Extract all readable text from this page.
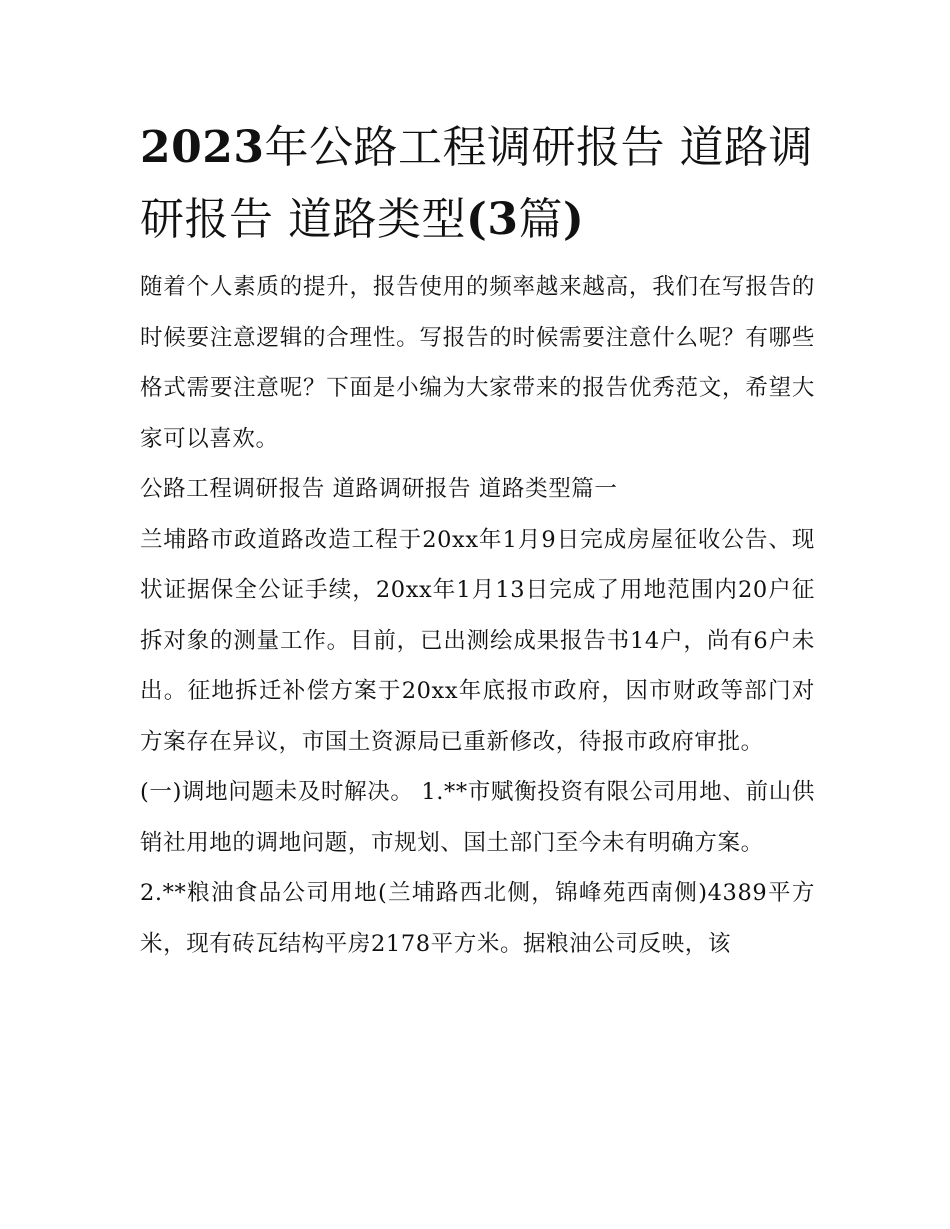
2023年公路工程调研报告 道路调研报告 道路类型(3篇)

随着个人素质的提升，报告使用的频率越来越高，我们在写报告的时候要注意逻辑的合理性。写报告的时候需要注意什么呢？有哪些格式需要注意呢？下面是小编为大家带来的报告优秀范文，希望大家可以喜欢。

公路工程调研报告 道路调研报告 道路类型篇一

兰埔路市政道路改造工程于20xx年1月9日完成房屋征收公告、现状证据保全公证手续，20xx年1月13日完成了用地范围内20户征拆对象的测量工作。目前，已出测绘成果报告书14户，尚有6户未出。征地拆迁补偿方案于20xx年底报市政府，因市财政等部门对方案存在异议，市国土资源局已重新修改，待报市政府审批。

(一)调地问题未及时解决。 1.**市赋衡投资有限公司用地、前山供销社用地的调地问题，市规划、国土部门至今未有明确方案。

2.**粮油食品公司用地(兰埔路西北侧，锦峰苑西南侧)4389平方米，现有砖瓦结构平房2178平方米。据粮油公司反映，该
